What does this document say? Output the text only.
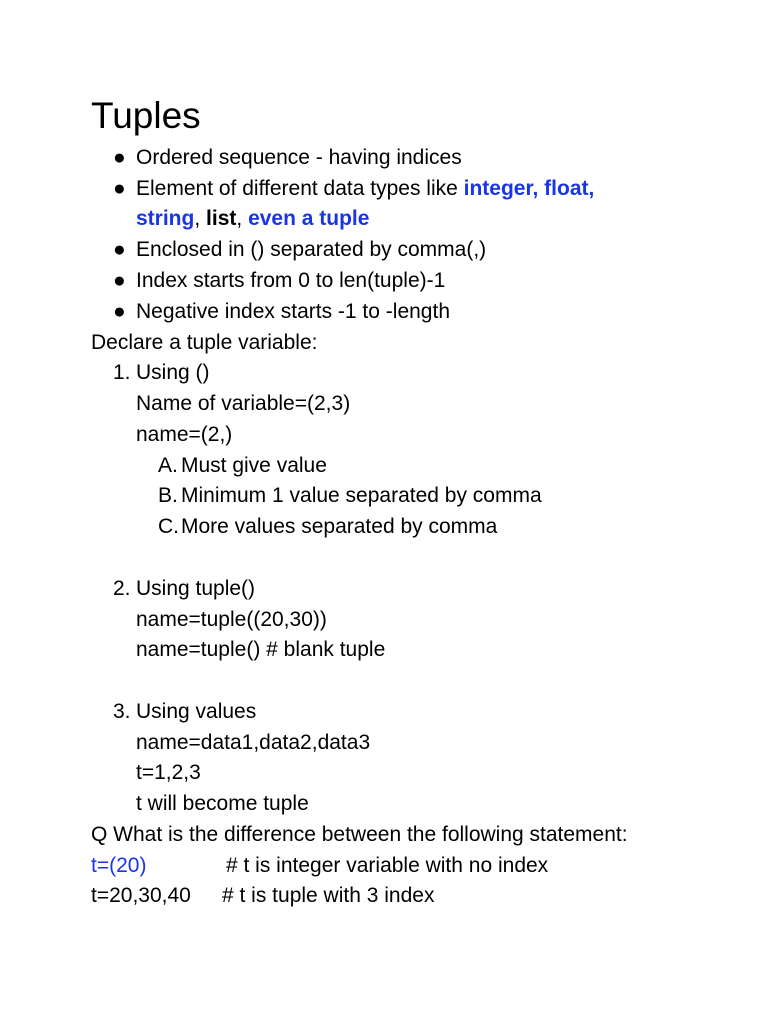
Tuples
● Ordered sequence - having indices
● Element of different data types like integer, float,
string, list, even a tuple
● Enclosed in () separated by comma(,)
● Index starts from 0 to len(tuple)-1
● Negative index starts -1 to -length
Declare a tuple variable:
1. Using ()
Name of variable=(2,3)
name=(2,)
A. Must give value
B. Minimum 1 value separated by comma
C. More values separated by comma
2. Using tuple()
name=tuple((20,30))
name=tuple() # blank tuple
3. Using values
name=data1,data2,data3
t=1,2,3
t will become tuple
Q What is the difference between the following statement:
t=(20)	# t is integer variable with no index
t=20,30,40 # t is tuple with 3 index
